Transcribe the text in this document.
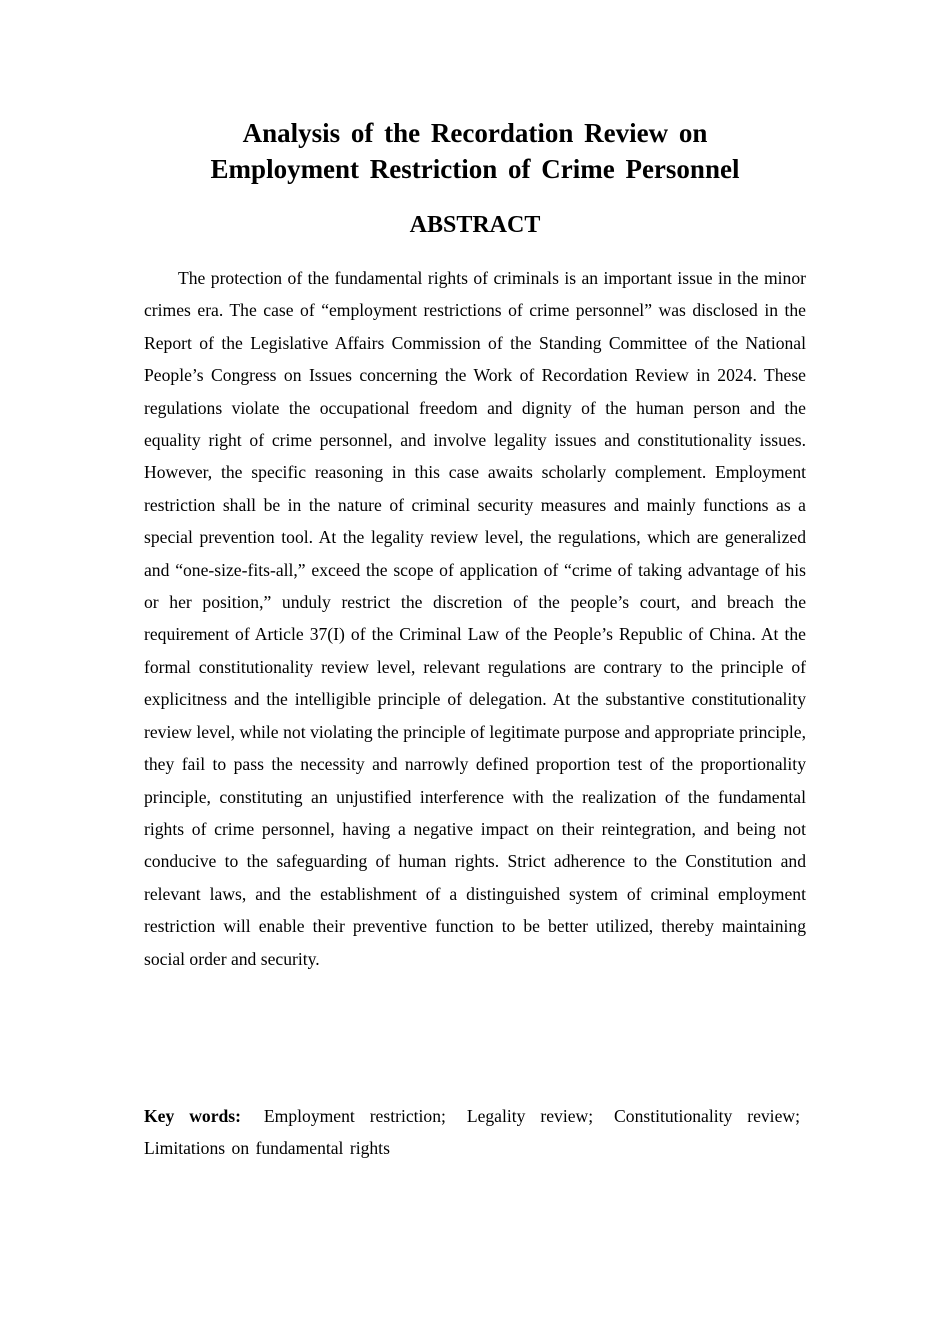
Analysis of the Recordation Review on
Employment Restriction of Crime Personnel
ABSTRACT

The protection of the fundamental rights of criminals is an important issue in the minor crimes era. The case of “employment restrictions of crime personnel” was disclosed in the Report of the Legislative Affairs Commission of the Standing Committee of the National People’s Congress on Issues concerning the Work of Recordation Review in 2024. These regulations violate the occupational freedom and dignity of the human person and the equality right of crime personnel, and involve legality issues and constitutionality issues. However, the specific reasoning in this case awaits scholarly complement. Employment restriction shall be in the nature of criminal security measures and mainly functions as a special prevention tool. At the legality review level, the regulations, which are generalized and “one-size-fits-all,” exceed the scope of application of “crime of taking advantage of his or her position,” unduly restrict the discretion of the people’s court, and breach the requirement of Article 37(I) of the Criminal Law of the People’s Republic of China. At the formal constitutionality review level, relevant regulations are contrary to the principle of explicitness and the intelligible principle of delegation. At the substantive constitutionality review level, while not violating the principle of legitimate purpose and appropriate principle, they fail to pass the necessity and narrowly defined proportion test of the proportionality principle, constituting an unjustified interference with the realization of the fundamental rights of crime personnel, having a negative impact on their reintegration, and being not conducive to the safeguarding of human rights. Strict adherence to the Constitution and relevant laws, and the establishment of a distinguished system of criminal employment restriction will enable their preventive function to be better utilized, thereby maintaining social order and security.

Key words: Employment restriction; Legality review; Constitutionality review; Limitations on fundamental rights
